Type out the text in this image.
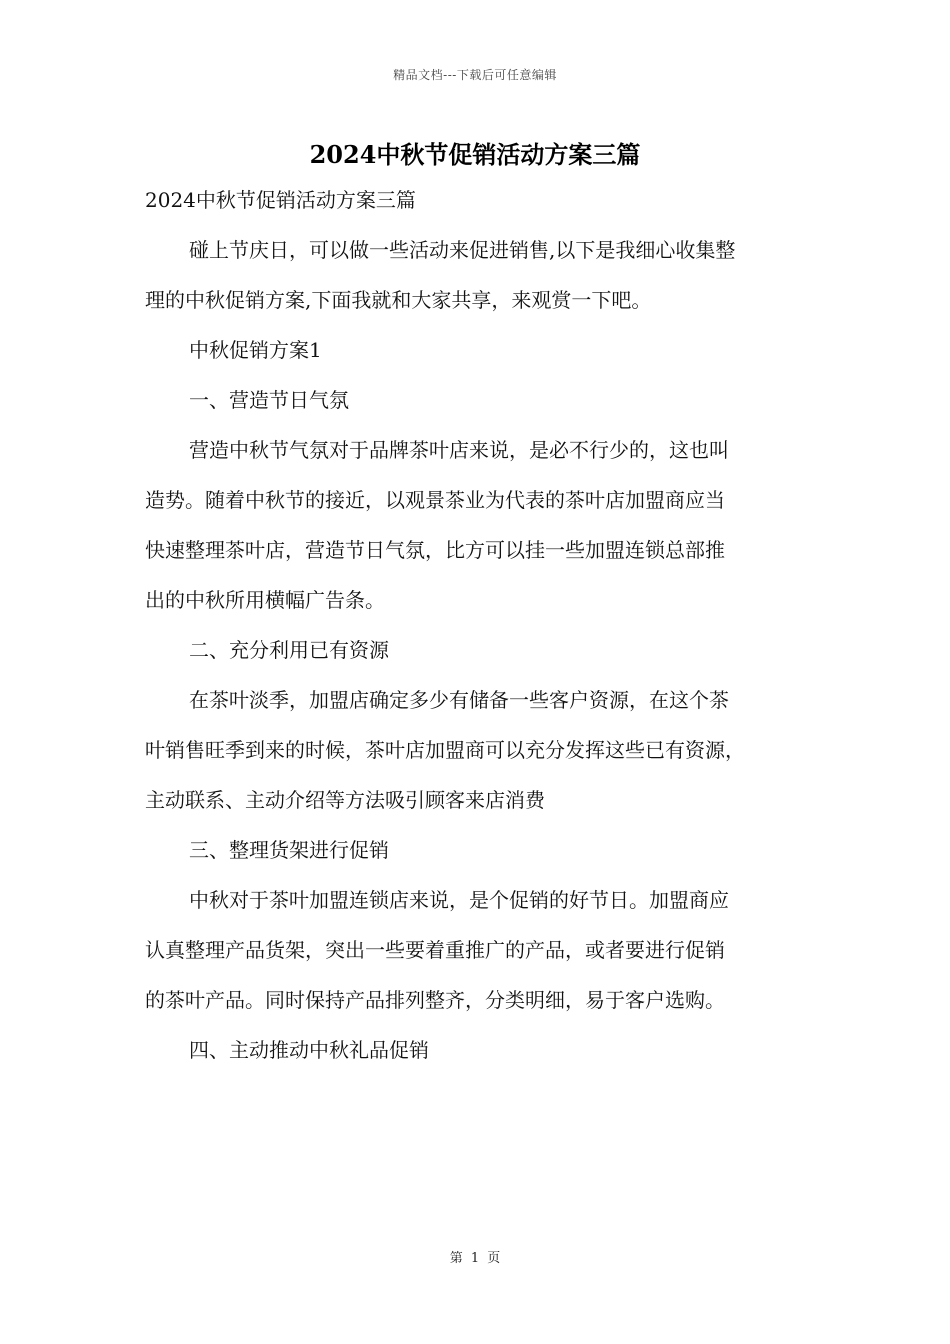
精品文档---下载后可任意编辑
2024中秋节促销活动方案三篇
2024中秋节促销活动方案三篇
碰上节庆日，可以做一些活动来促进销售,以下是我细心收集整
理的中秋促销方案,下面我就和大家共享，来观赏一下吧。
中秋促销方案1
一、营造节日气氛
营造中秋节气氛对于品牌茶叶店来说，是必不行少的，这也叫
造势。随着中秋节的接近，以观景茶业为代表的茶叶店加盟商应当
快速整理茶叶店，营造节日气氛，比方可以挂一些加盟连锁总部推
出的中秋所用横幅广告条。
二、充分利用已有资源
在茶叶淡季，加盟店确定多少有储备一些客户资源，在这个茶
叶销售旺季到来的时候，茶叶店加盟商可以充分发挥这些已有资源，
主动联系、主动介绍等方法吸引顾客来店消费
三、整理货架进行促销
中秋对于茶叶加盟连锁店来说，是个促销的好节日。加盟商应
认真整理产品货架，突出一些要着重推广的产品，或者要进行促销
的茶叶产品。同时保持产品排列整齐，分类明细，易于客户选购。
四、主动推动中秋礼品促销
第 1 页
